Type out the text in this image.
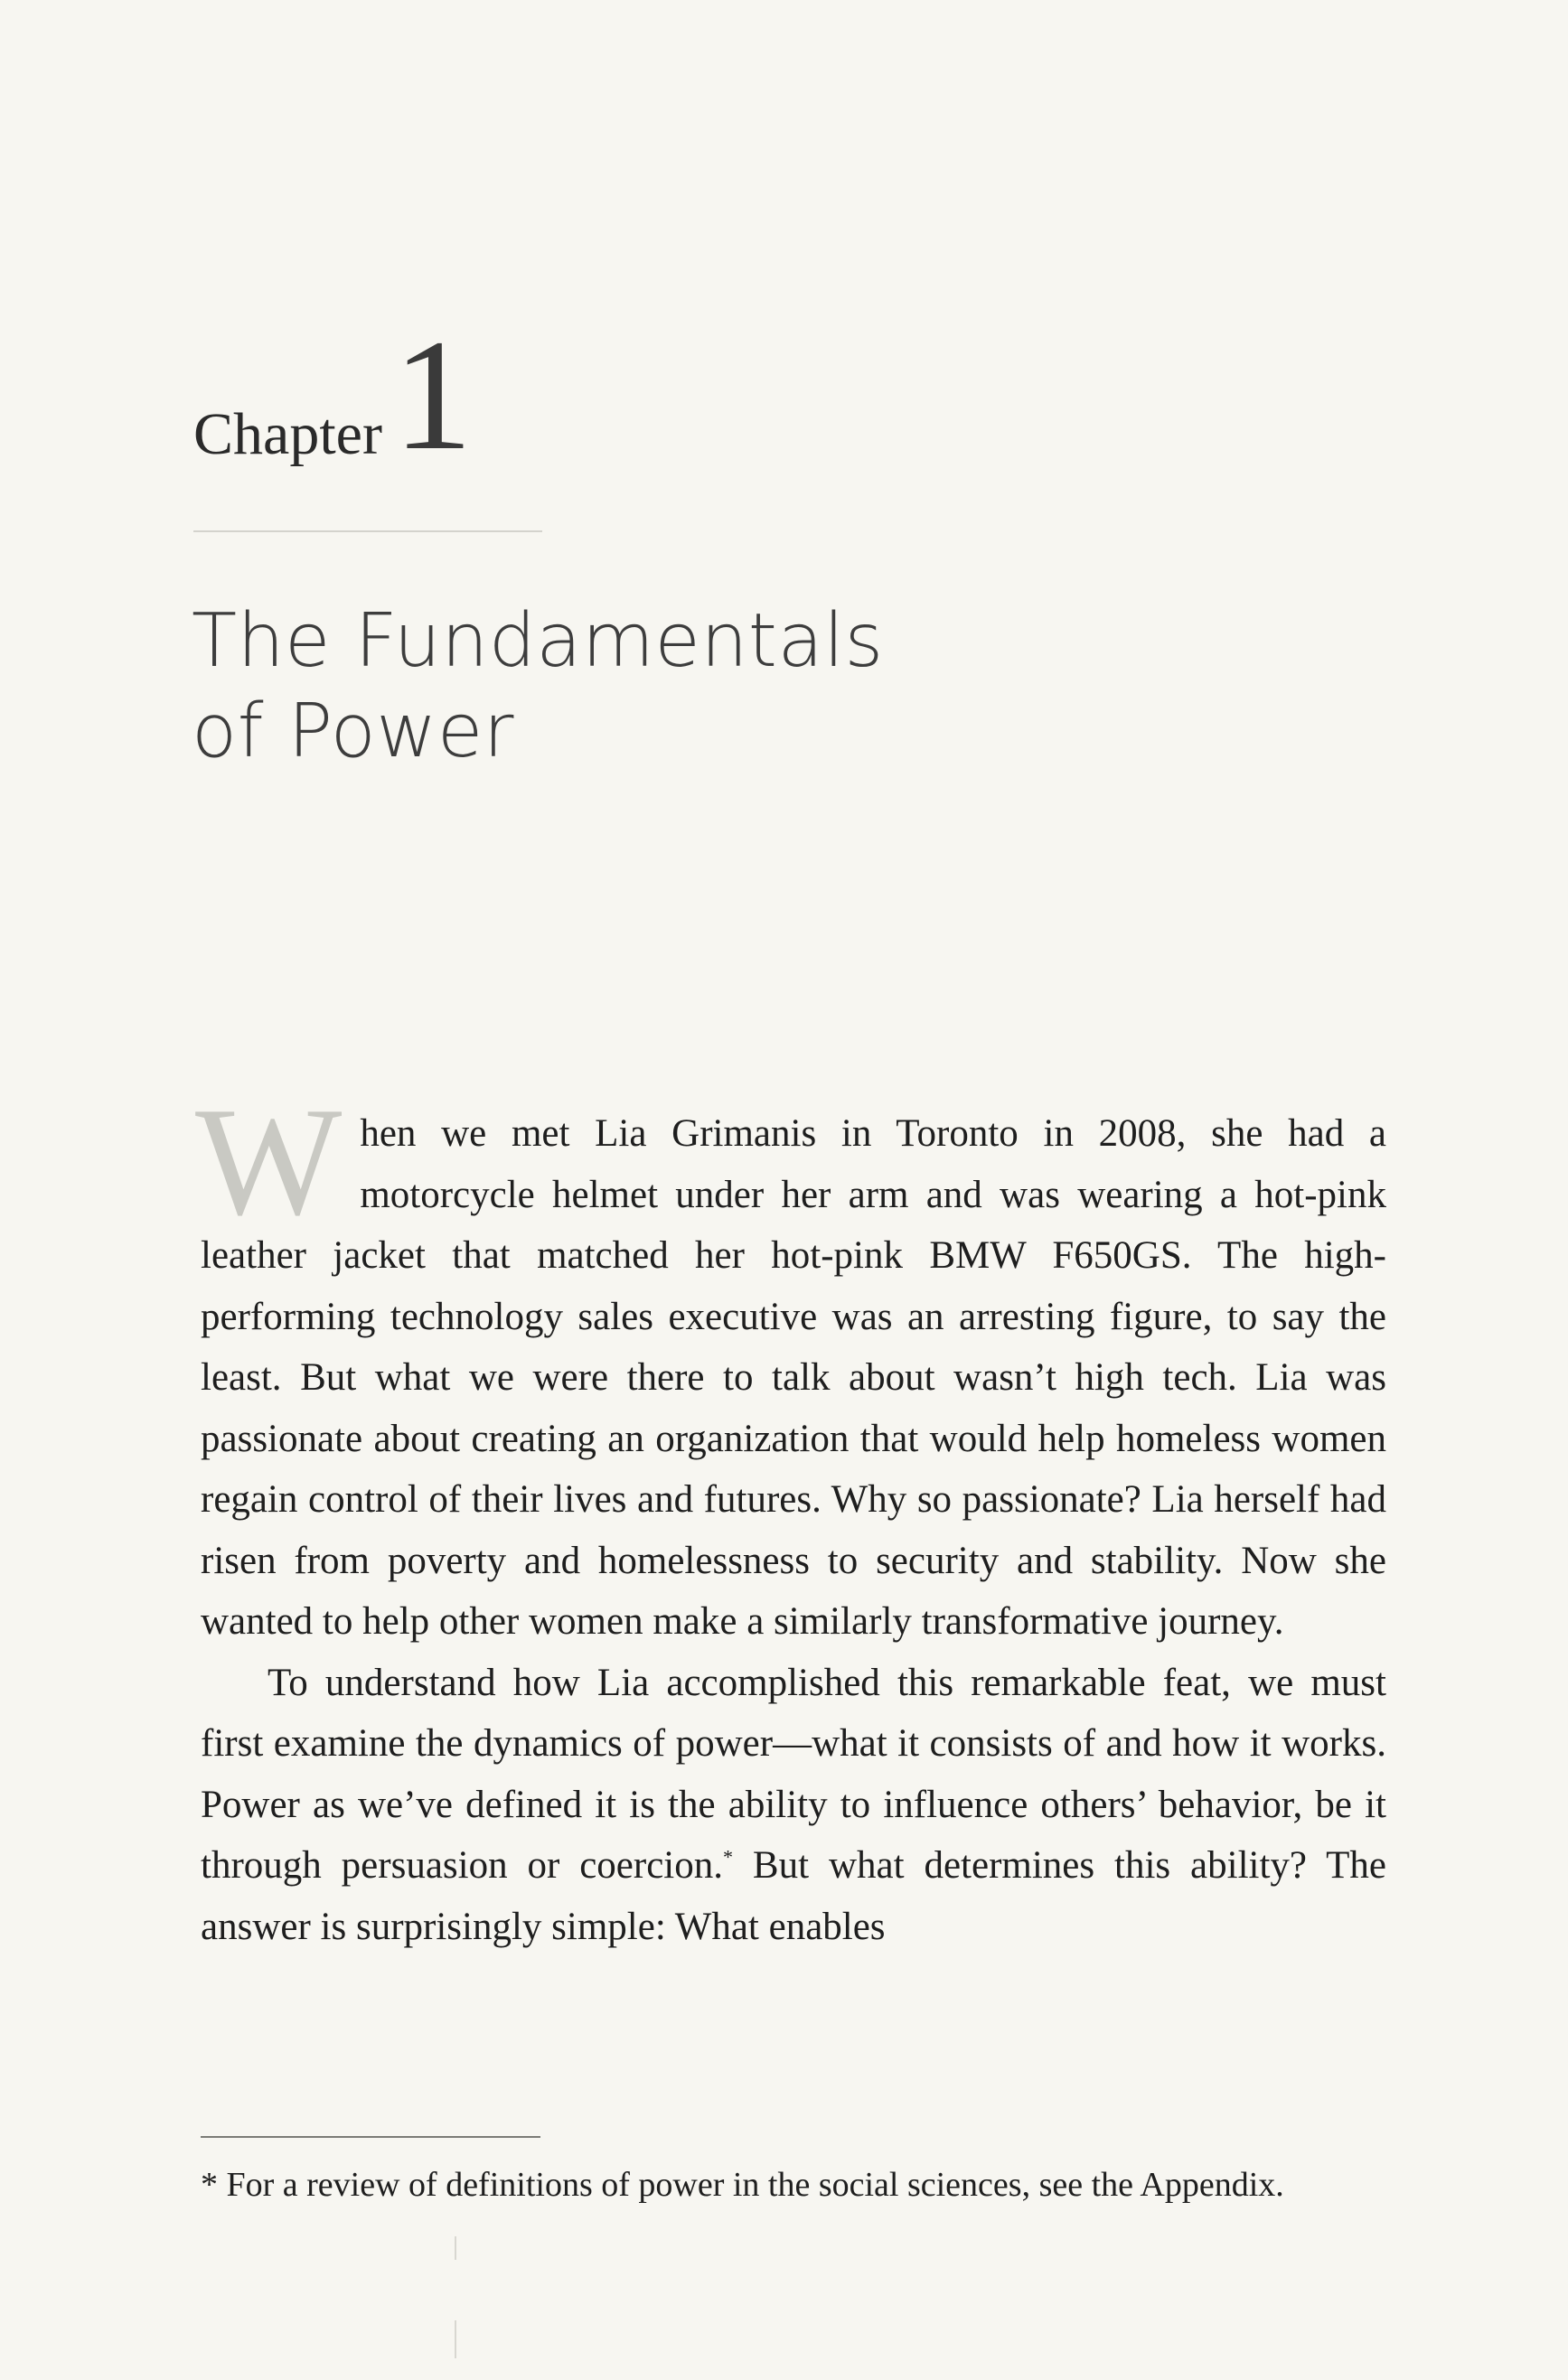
Chapter 1
The Fundamentals
of Power

When we met Lia Grimanis in Toronto in 2008, she had a motorcycle helmet under her arm and was wearing a hot-pink leather jacket that matched her hot-pink BMW F650GS. The high-performing technology sales executive was an arresting figure, to say the least. But what we were there to talk about wasn’t high tech. Lia was passionate about creating an organization that would help homeless women regain control of their lives and futures. Why so passionate? Lia herself had risen from poverty and homelessness to security and stability. Now she wanted to help other women make a similarly transformative journey.

To understand how Lia accomplished this remarkable feat, we must first examine the dynamics of power—what it consists of and how it works. Power as we’ve defined it is the ability to influence others’ behavior, be it through persuasion or coercion.* But what determines this ability? The answer is surprisingly simple: What enables

* For a review of definitions of power in the social sciences, see the Appendix.
